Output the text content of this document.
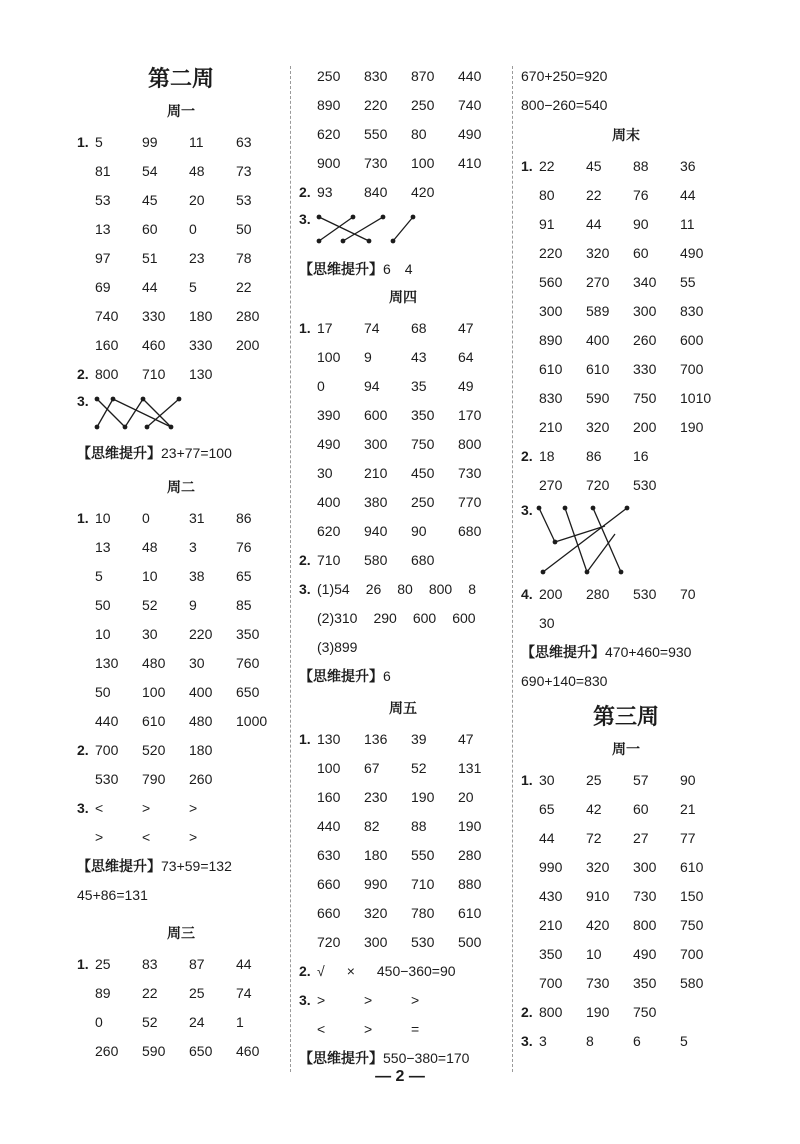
第二周
周一
1. 5	99 11 63
81 54 48 73
53 45 20 53
13 60 0	50
97 51 23 78
69 44 5	22
740 330 180 280
160 460 330 200
2. 800 710 130
3.
【思维提升】23+77=100
周二
1. 10 0	31 86
13 48 3	76
5	10 38 65
50 52 9	85
10 30 220 350
130 480 30 760
50 100 400 650
440 610 480 1000
2. 700 520 180
530 790 260
3. <	>	>
>	<	>
【思维提升】73+59=132
45+86=131
周三
1. 25 83 87 44
89 22 25 74
0	52 24 1
260 590 650 460
250 830 870 440
890 220 250 740
620 550 80 490
900 730 100 410
2. 93 840 420
3.
【思维提升】6　4
周四
1. 17 74 68 47
100 9	43 64
0	94 35 49
390 600 350 170
490 300 750 800
30 210 450 730
400 380 250 770
620 940 90 680
2. 710 580 680
3. (1)54 26 80 800 8
(2)310 290 600 600
(3)899
【思维提升】6
周五
1. 130 136 39 47
100 67 52 131
160 230 190 20
440 82 88 190
630 180 550 280
660 990 710 880
660 320 780 610
720 300 530 500
2. √ × 450−360=90
3. >	>	>
<	>	=
【思维提升】550−380=170
670+250=920
800−260=540
周末
1. 22 45 88 36
80 22 76 44
91 44 90 11
220 320 60 490
560 270 340 55
300 589 300 830
890 400 260 600
610 610 330 700
830 590 750 1010
210 320 200 190
2. 18 86 16
270 720 530
3.
4. 200 280 530 70
30
【思维提升】470+460=930
690+140=830
第三周
周一
1. 30 25 57 90
65 42 60 21
44 72 27 77
990 320 300 610
430 910 730 150
210 420 800 750
350 10 490 700
700 730 350 580
2. 800 190 750
3. 3	8	6	5
— 2 —
